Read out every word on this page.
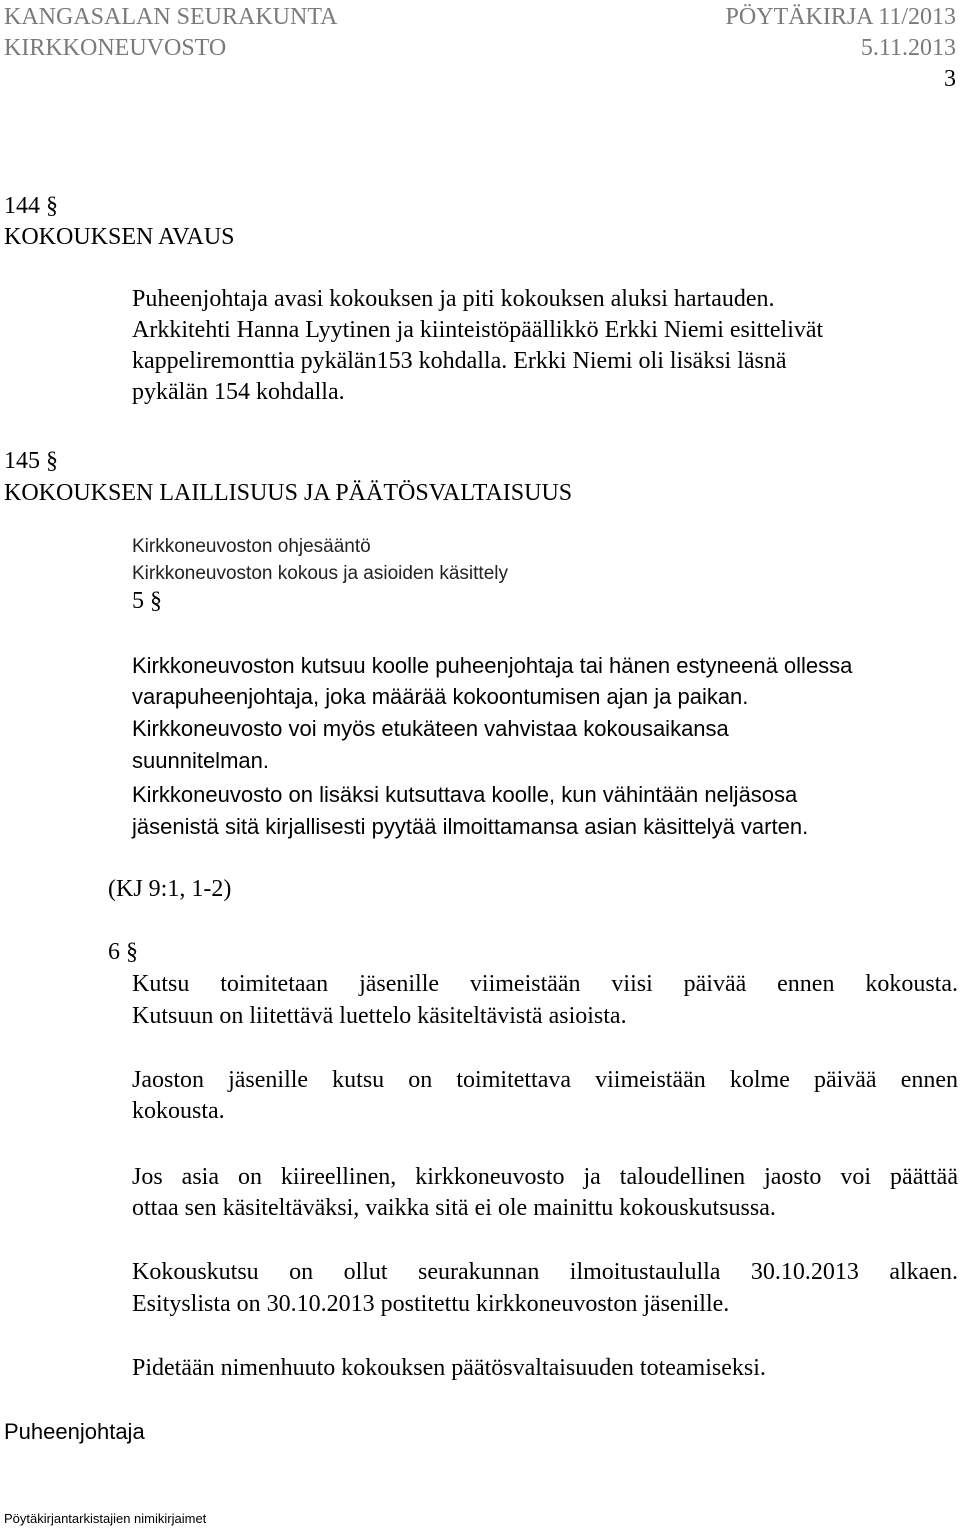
KANGASALAN SEURAKUNTA	PÖYTÄKIRJA 11/2013
KIRKKONEUVOSTO	5.11.2013
3
144 §
KOKOUKSEN AVAUS
Puheenjohtaja avasi kokouksen ja piti kokouksen aluksi hartauden.
Arkkitehti Hanna Lyytinen ja kiinteistöpäällikkö Erkki Niemi esittelivät
kappeliremonttia pykälän153 kohdalla. Erkki Niemi oli lisäksi läsnä
pykälän 154 kohdalla.
145 §
KOKOUKSEN LAILLISUUS JA PÄÄTÖSVALTAISUUS
Kirkkoneuvoston ohjesääntö
Kirkkoneuvoston kokous ja asioiden käsittely
5 §
Kirkkoneuvoston kutsuu koolle puheenjohtaja tai hänen estyneenä ollessa
varapuheenjohtaja, joka määrää kokoontumisen ajan ja paikan.
Kirkkoneuvosto voi myös etukäteen vahvistaa kokousaikansa
suunnitelman.
Kirkkoneuvosto on lisäksi kutsuttava koolle, kun vähintään neljäsosa
jäsenistä sitä kirjallisesti pyytää ilmoittamansa asian käsittelyä varten.
(KJ 9:1, 1-2)
6 §
Kutsu toimitetaan jäsenille viimeistään viisi päivää ennen kokousta.
Kutsuun on liitettävä luettelo käsiteltävistä asioista.
Jaoston jäsenille kutsu on toimitettava viimeistään kolme päivää ennen
kokousta.
Jos asia on kiireellinen, kirkkoneuvosto ja taloudellinen jaosto voi päättää
ottaa sen käsiteltäväksi, vaikka sitä ei ole mainittu kokouskutsussa.
Kokouskutsu on ollut seurakunnan ilmoitustaululla 30.10.2013 alkaen.
Esityslista on 30.10.2013 postitettu kirkkoneuvoston jäsenille.
Pidetään nimenhuuto kokouksen päätösvaltaisuuden toteamiseksi.
Puheenjohtaja
Pöytäkirjantarkistajien nimikirjaimet
